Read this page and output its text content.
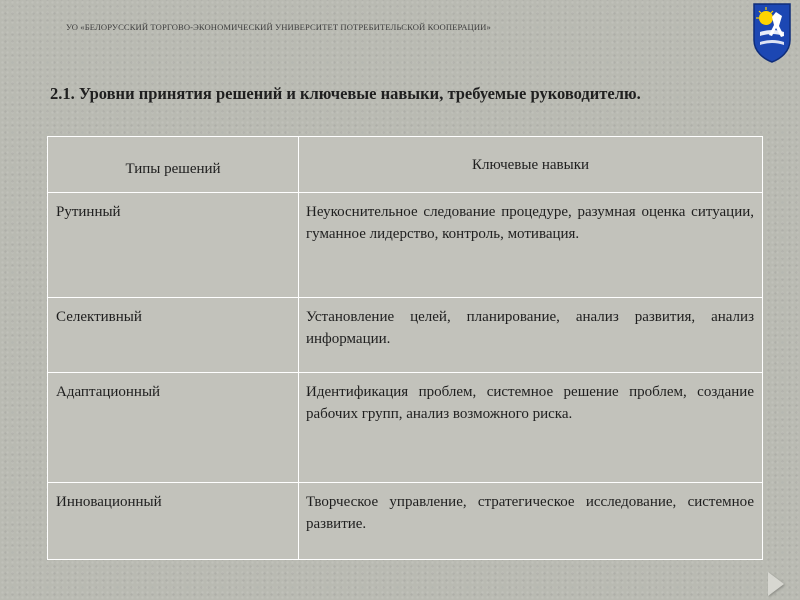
УО «БЕЛОРУССКИЙ ТОРГОВО-ЭКОНОМИЧЕСКИЙ УНИВЕРСИТЕТ ПОТРЕБИТЕЛЬСКОЙ КООПЕРАЦИИ»
2.1. Уровни принятия решений и ключевые навыки, требуемые руководителю.
Типы решений	Ключевые навыки
Рутинный	Неукоснительное следование процедуре, разумная оценка ситуации, гуманное лидерство, контроль, мотивация.
Селективный	Установление целей, планирование, анализ развития, анализ информации.
Адаптационный	Идентификация проблем, системное решение проблем, создание рабочих групп, анализ возможного риска.
Инновационный	Творческое управление, стратегическое исследование, системное развитие.
